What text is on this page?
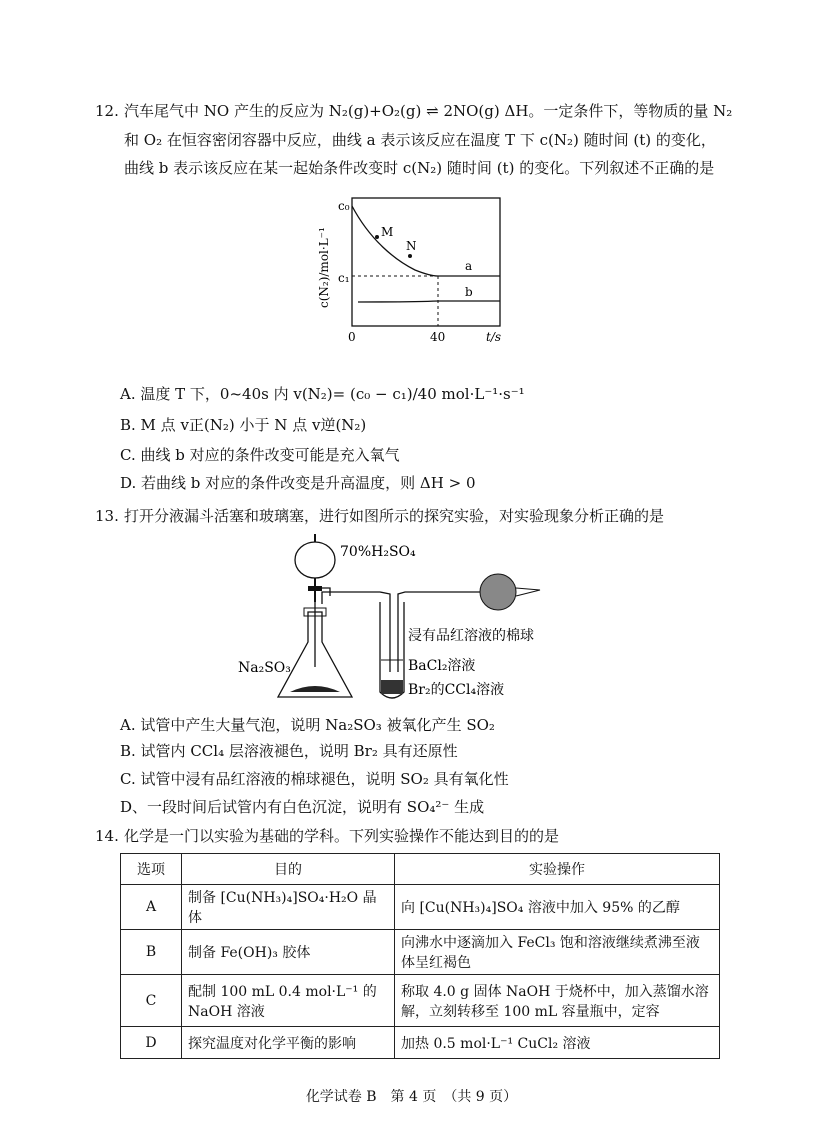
12. 汽车尾气中 NO 产生的反应为 N₂(g)+O₂(g) ⇌ 2NO(g) ΔH。一定条件下，等物质的量 N₂
和 O₂ 在恒容密闭容器中反应，曲线 a 表示该反应在温度 T 下 c(N₂) 随时间 (t) 的变化，
曲线 b 表示该反应在某一起始条件改变时 c(N₂) 随时间 (t) 的变化。下列叙述不正确的是
c(N₂)/mol·L⁻¹
t/s
c₀
c₁
0	40
M
N
a
b
A. 温度 T 下，0~40s 内 v(N₂)= (c₀ − c₁)/40 mol·L⁻¹·s⁻¹
B. M 点 v正(N₂) 小于 N 点 v逆(N₂)
C. 曲线 b 对应的条件改变可能是充入氧气
D. 若曲线 b 对应的条件改变是升高温度，则 ΔH > 0
13. 打开分液漏斗活塞和玻璃塞，进行如图所示的探究实验，对实验现象分析正确的是
70%H₂SO₄
Na₂SO₃
浸有品红溶液的棉球
BaCl₂溶液
Br₂的CCl₄溶液
A. 试管中产生大量气泡，说明 Na₂SO₃ 被氧化产生 SO₂
B. 试管内 CCl₄ 层溶液褪色，说明 Br₂ 具有还原性
C. 试管中浸有品红溶液的棉球褪色，说明 SO₂ 具有氧化性
D、一段时间后试管内有白色沉淀，说明有 SO₄²⁻ 生成
14. 化学是一门以实验为基础的学科。下列实验操作不能达到目的的是
选项	目的	实验操作
A	制备 [Cu(NH₃)₄]SO₄·H₂O 晶体	向 [Cu(NH₃)₄]SO₄ 溶液中加入 95% 的乙醇
B	制备 Fe(OH)₃ 胶体	向沸水中逐滴加入 FeCl₃ 饱和溶液继续煮沸至液体呈红褐色
C	配制 100 mL 0.4 mol·L⁻¹ 的 NaOH 溶液	称取 4.0 g 固体 NaOH 于烧杯中，加入蒸馏水溶解，立刻转移至 100 mL 容量瓶中，定容
D	探究温度对化学平衡的影响	加热 0.5 mol·L⁻¹ CuCl₂ 溶液
化学试卷 B　第 4 页　（共 9 页）
